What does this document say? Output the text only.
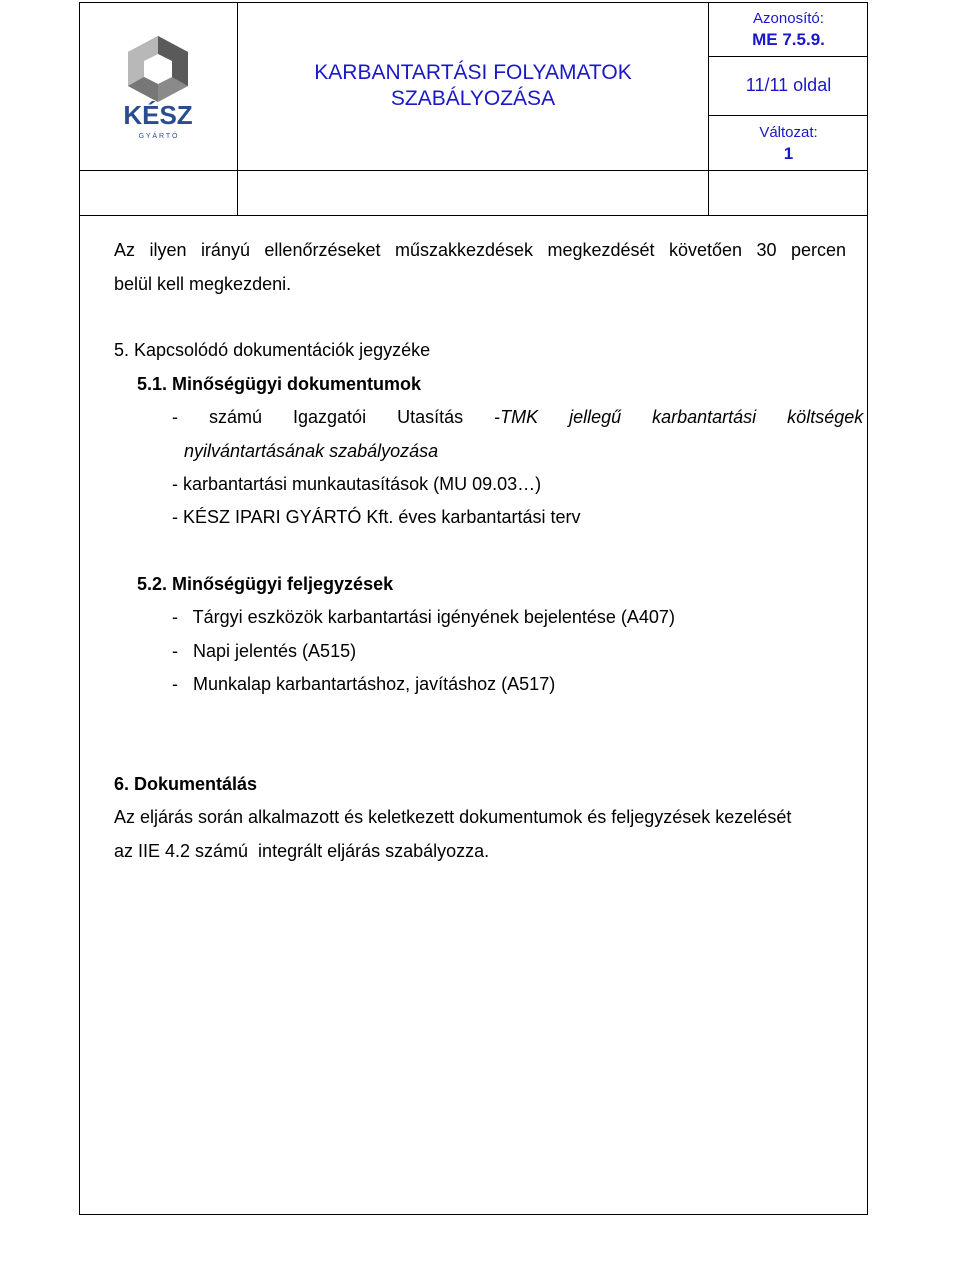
KÉSZ
G Y Á R T Ó
KARBANTARTÁSI FOLYAMATOK
SZABÁLYOZÁSA
Azonosító:
ME 7.5.9.
11/11 oldal
Változat:
1
Az ilyen irányú ellenőrzéseket műszakkezdések megkezdését követően 30 percen
belül kell megkezdeni.
5. Kapcsolódó dokumentációk jegyzéke
5.1. Minőségügyi dokumentumok
- számú Igazgatói Utasítás - TMK jellegű karbantartási költségek
nyilvántartásának szabályozása
- karbantartási munkautasítások (MU 09.03…)
- KÉSZ IPARI GYÁRTÓ Kft. éves karbantartási terv
5.2. Minőségügyi feljegyzések
-   Tárgyi eszközök karbantartási igényének bejelentése (A407)
-   Napi jelentés (A515)
-   Munkalap karbantartáshoz, javításhoz (A517)
6. Dokumentálás
Az eljárás során alkalmazott és keletkezett dokumentumok és feljegyzések kezelését
az IIE 4.2 számú  integrált eljárás szabályozza.
